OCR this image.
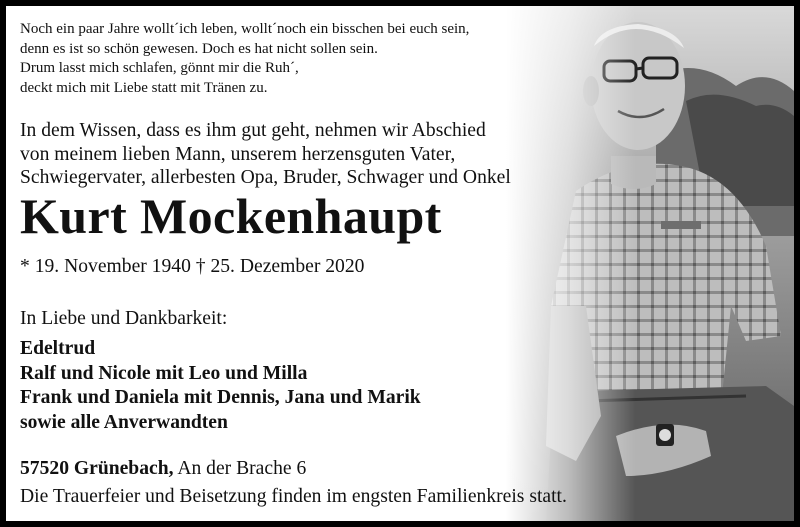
Noch ein paar Jahre wollt´ich leben, wollt´noch ein bisschen bei euch sein,
denn es ist so schön gewesen. Doch es hat nicht sollen sein.
Drum lasst mich schlafen, gönnt mir die Ruh´,
deckt mich mit Liebe statt mit Tränen zu.
In dem Wissen, dass es ihm gut geht, nehmen wir Abschied
von meinem lieben Mann, unserem herzensguten Vater,
Schwiegervater, allerbesten Opa, Bruder, Schwager und Onkel
Kurt Mockenhaupt
* 19. November 1940 † 25. Dezember 2020
In Liebe und Dankbarkeit:
Edeltrud
Ralf und Nicole mit Leo und Milla
Frank und Daniela mit Dennis, Jana und Marik
sowie alle Anverwandten
57520 Grünebach, An der Brache 6
Die Trauerfeier und Beisetzung finden im engsten Familienkreis statt.
